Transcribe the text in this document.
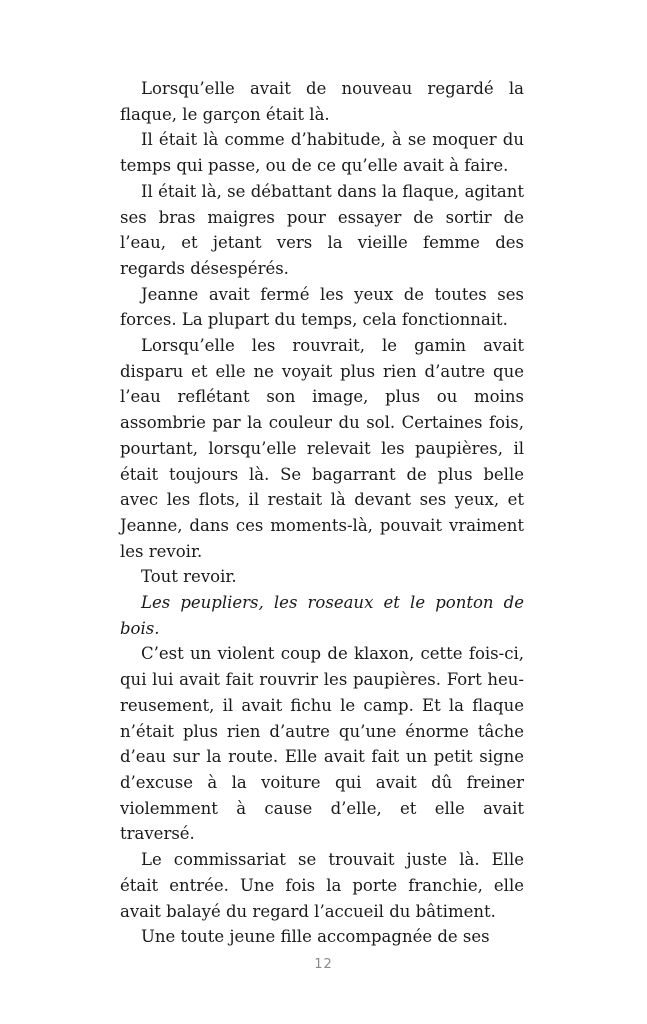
Lorsqu’elle avait de nouveau regardé la flaque, le garçon était là.

Il était là comme d’habitude, à se moquer du temps qui passe, ou de ce qu’elle avait à faire.

Il était là, se débattant dans la flaque, agitant ses bras maigres pour essayer de sortir de l’eau, et jetant vers la vieille femme des regards désespérés.

Jeanne avait fermé les yeux de toutes ses forces. La plupart du temps, cela fonctionnait.

Lorsqu’elle les rouvrait, le gamin avait disparu et elle ne voyait plus rien d’autre que l’eau reflétant son image, plus ou moins assombrie par la couleur du sol. Certaines fois, pourtant, lorsqu’elle relevait les paupières, il était toujours là. Se bagarrant de plus belle avec les flots, il restait là devant ses yeux, et Jeanne, dans ces moments-là, pouvait vraiment les revoir.

Tout revoir.

Les peupliers, les roseaux et le ponton de bois.

C’est un violent coup de klaxon, cette fois-ci, qui lui avait fait rouvrir les paupières. Fort heureusement, il avait fichu le camp. Et la flaque n’était plus rien d’autre qu’une énorme tâche d’eau sur la route. Elle avait fait un petit signe d’excuse à la voiture qui avait dû freiner violemment à cause d’elle, et elle avait traversé.

Le commissariat se trouvait juste là. Elle était entrée. Une fois la porte franchie, elle avait balayé du regard l’accueil du bâtiment.

Une toute jeune fille accompagnée de ses

12
